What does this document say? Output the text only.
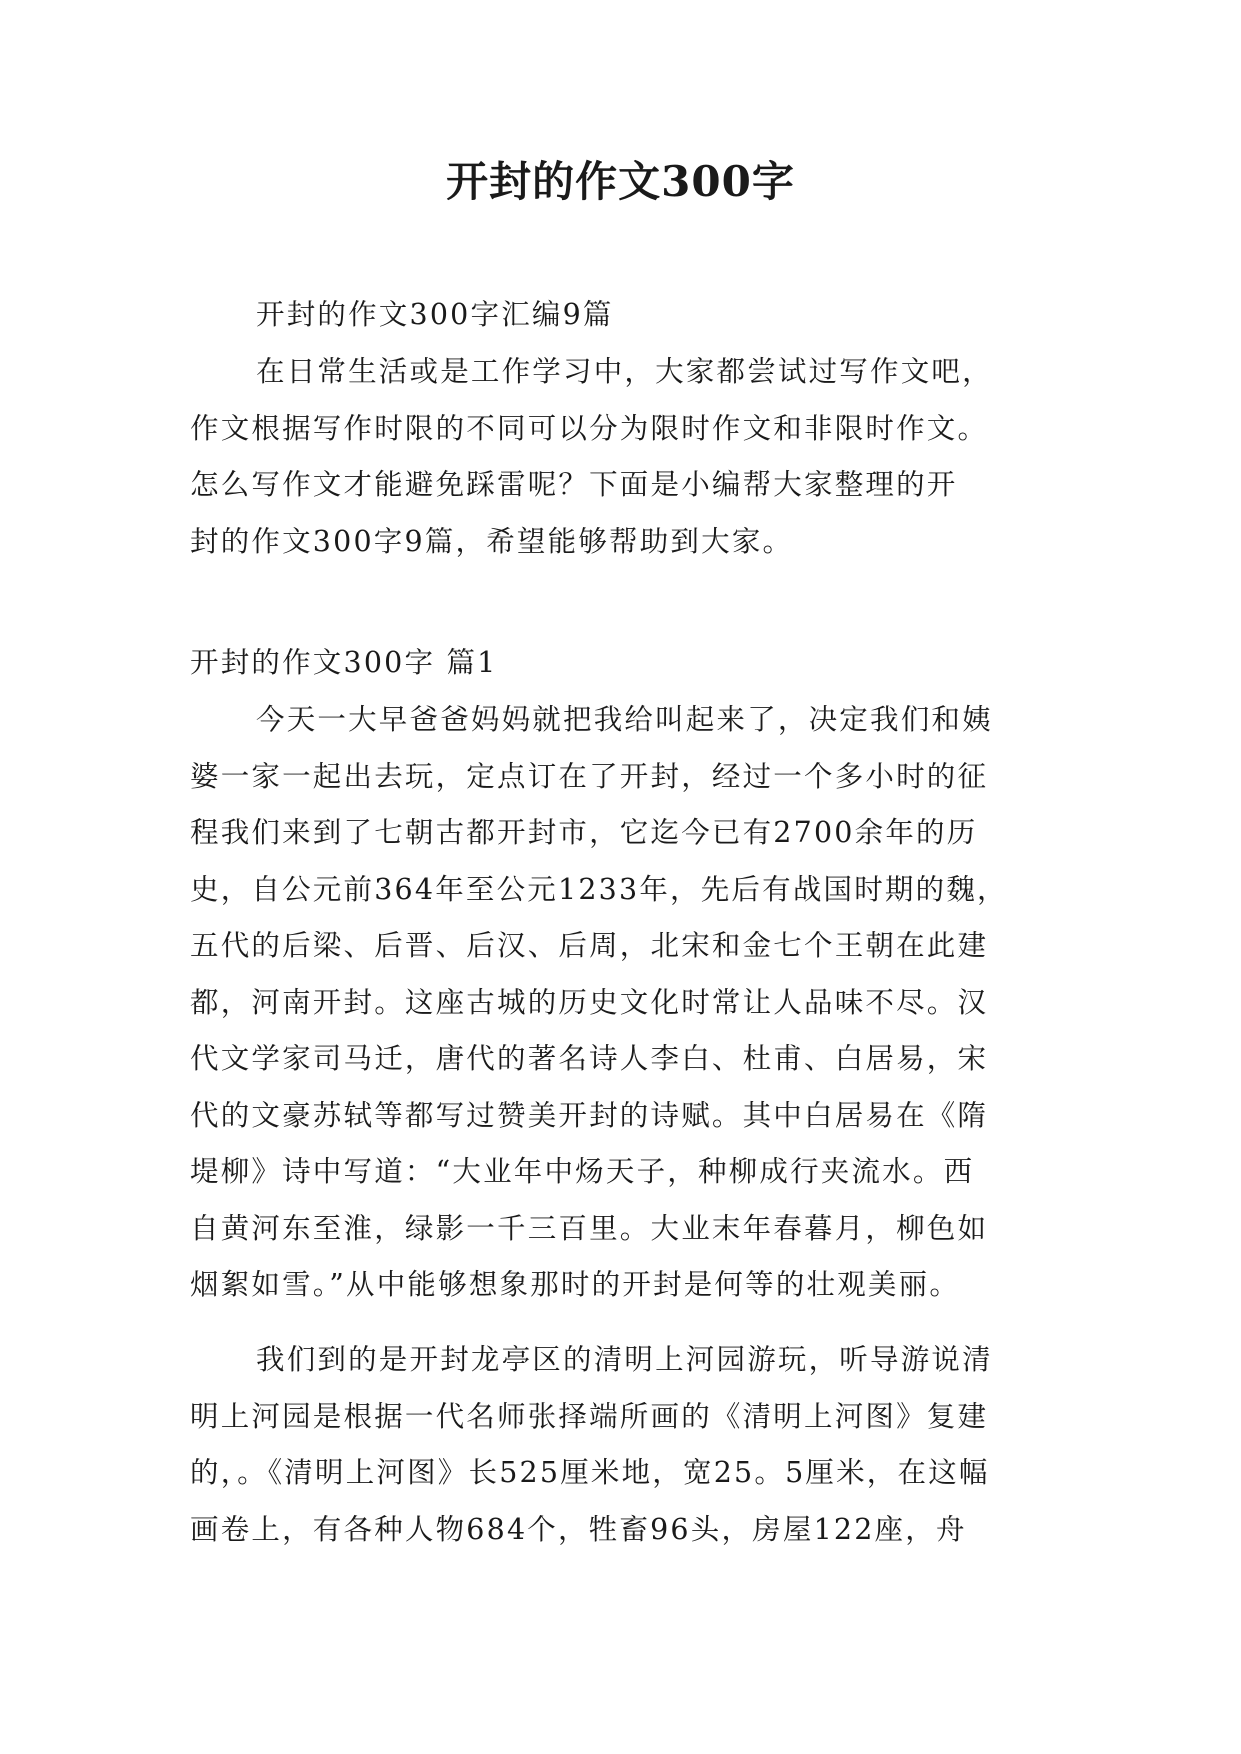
开封的作文300字

开封的作文300字汇编9篇

在日常生活或是工作学习中，大家都尝试过写作文吧，
作文根据写作时限的不同可以分为限时作文和非限时作文。
怎么写作文才能避免踩雷呢？下面是小编帮大家整理的开
封的作文300字9篇，希望能够帮助到大家。

开封的作文300字 篇1

今天一大早爸爸妈妈就把我给叫起来了，决定我们和姨
婆一家一起出去玩，定点订在了开封，经过一个多小时的征
程我们来到了七朝古都开封市，它迄今已有2700余年的历
史，自公元前364年至公元1233年，先后有战国时期的魏，
五代的后梁、后晋、后汉、后周，北宋和金七个王朝在此建
都，河南开封。这座古城的历史文化时常让人品味不尽。汉
代文学家司马迁，唐代的著名诗人李白、杜甫、白居易，宋
代的文豪苏轼等都写过赞美开封的诗赋。其中白居易在《隋
堤柳》诗中写道：“大业年中炀天子，种柳成行夹流水。西
自黄河东至淮，绿影一千三百里。大业末年春暮月，柳色如
烟絮如雪。”从中能够想象那时的开封是何等的壮观美丽。
我们到的是开封龙亭区的清明上河园游玩，听导游说清
明上河园是根据一代名师张择端所画的《清明上河图》复建
的，。《清明上河图》长525厘米地，宽25。5厘米，在这幅
画卷上，有各种人物684个，牲畜96头，房屋122座，舟
